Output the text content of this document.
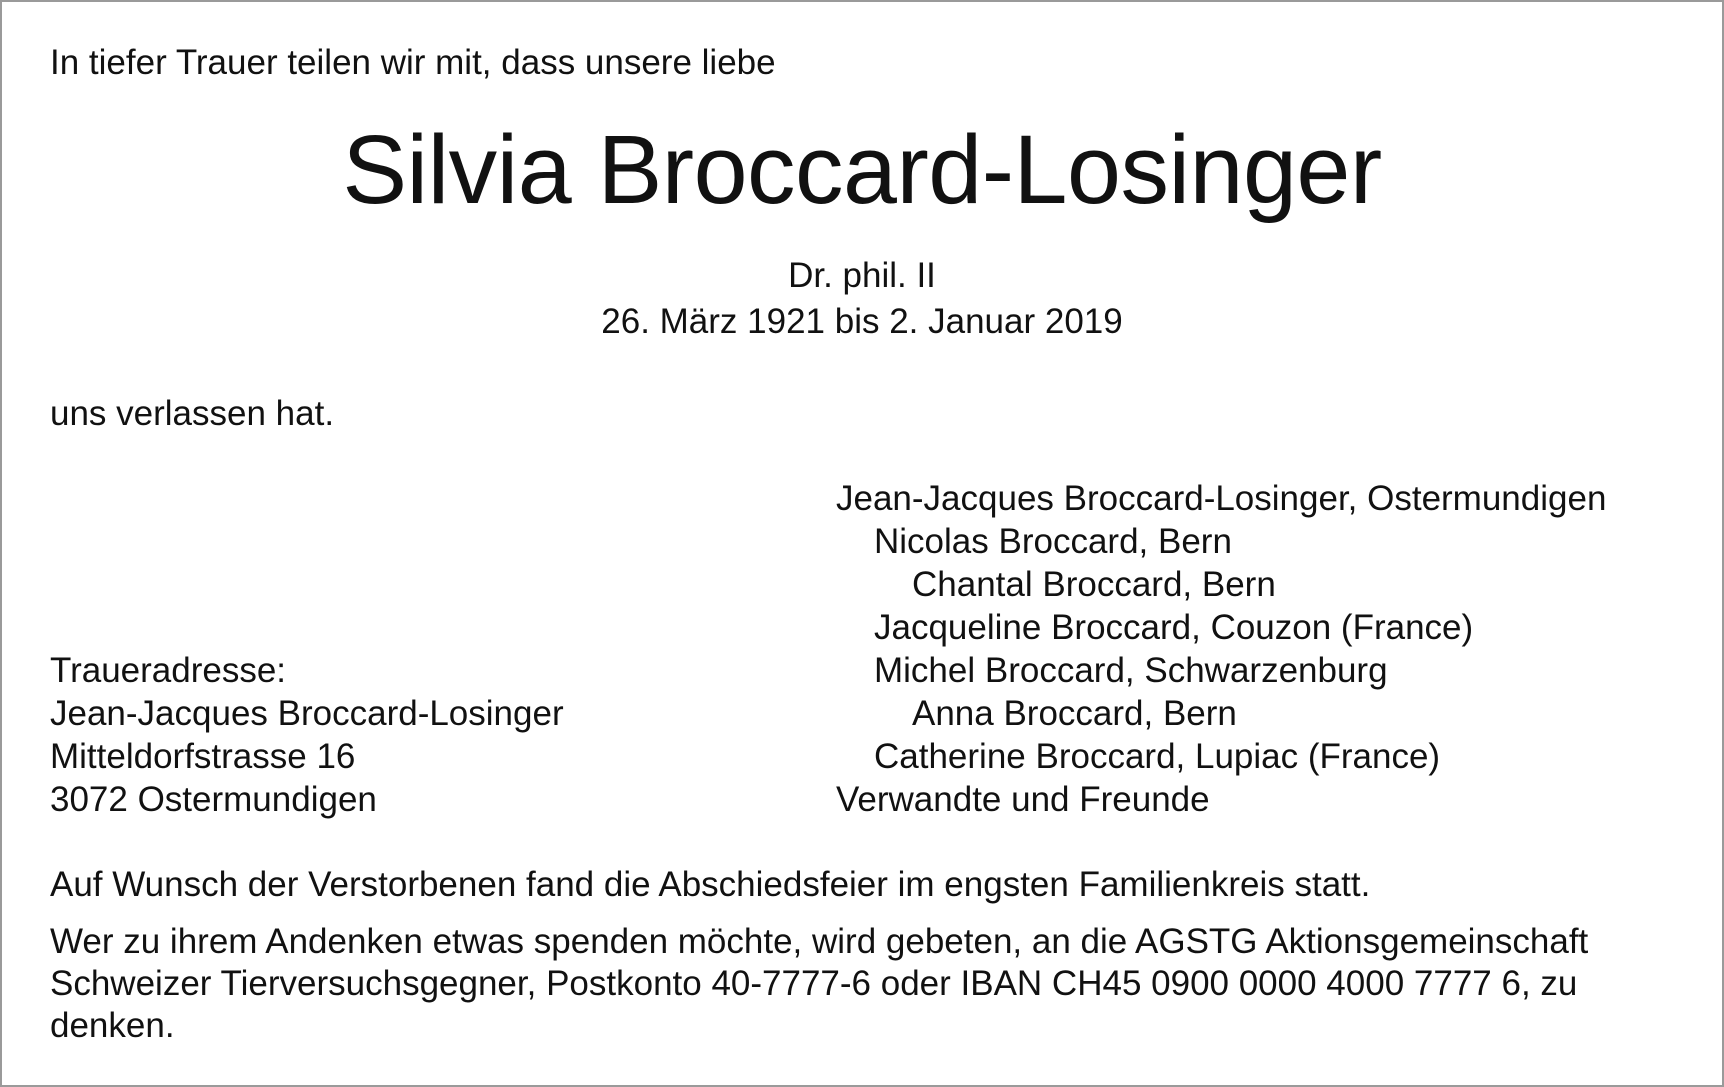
In tiefer Trauer teilen wir mit, dass unsere liebe

Silvia Broccard-Losinger

Dr. phil. II

26. März 1921 bis 2. Januar 2019

uns verlassen hat.

Jean-Jacques Broccard-Losinger, Ostermundigen
Nicolas Broccard, Bern
Chantal Broccard, Bern
Jacqueline Broccard, Couzon (France)
Michel Broccard, Schwarzenburg
Anna Broccard, Bern
Catherine Broccard, Lupiac (France)
Verwandte und Freunde
Traueradresse:
Jean-Jacques Broccard-Losinger
Mitteldorfstrasse 16
3072 Ostermundigen

Auf Wunsch der Verstorbenen fand die Abschiedsfeier im engsten Familienkreis statt.

Wer zu ihrem Andenken etwas spenden möchte, wird gebeten, an die AGSTG Aktionsgemeinschaft Schweizer Tierversuchsgegner, Postkonto 40-7777-6 oder IBAN CH45 0900 0000 4000 7777 6, zu denken.
